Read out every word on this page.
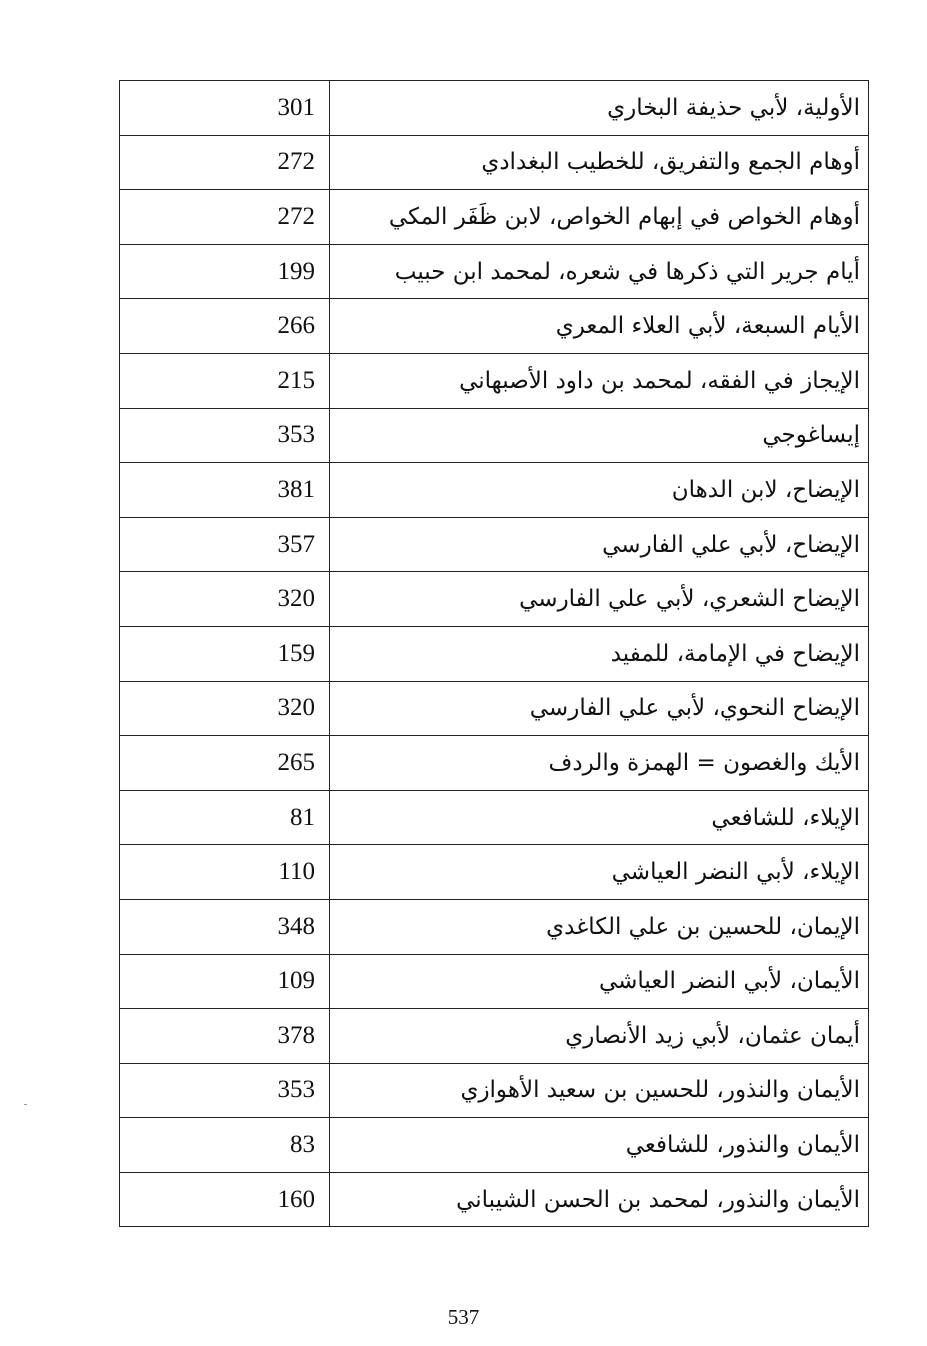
301	الأولية، لأبي حذيفة البخاري
272	أوهام الجمع والتفريق، للخطيب البغدادي
272	أوهام الخواص في إبهام الخواص، لابن ظَفَر المكي
199	أيام جرير التي ذكرها في شعره، لمحمد ابن حبيب
266	الأيام السبعة، لأبي العلاء المعري
215	الإيجاز في الفقه، لمحمد بن داود الأصبهاني
353	إيساغوجي
381	الإيضاح، لابن الدهان
357	الإيضاح، لأبي علي الفارسي
320	الإيضاح الشعري، لأبي علي الفارسي
159	الإيضاح في الإمامة، للمفيد
320	الإيضاح النحوي، لأبي علي الفارسي
265	الأيك والغصون = الهمزة والردف
81	الإيلاء، للشافعي
110	الإيلاء، لأبي النضر العياشي
348	الإيمان، للحسين بن علي الكاغدي
109	الأيمان، لأبي النضر العياشي
378	أيمان عثمان، لأبي زيد الأنصاري
353	الأيمان والنذور، للحسين بن سعيد الأهوازي
83	الأيمان والنذور، للشافعي
160	الأيمان والنذور، لمحمد بن الحسن الشيباني
537
